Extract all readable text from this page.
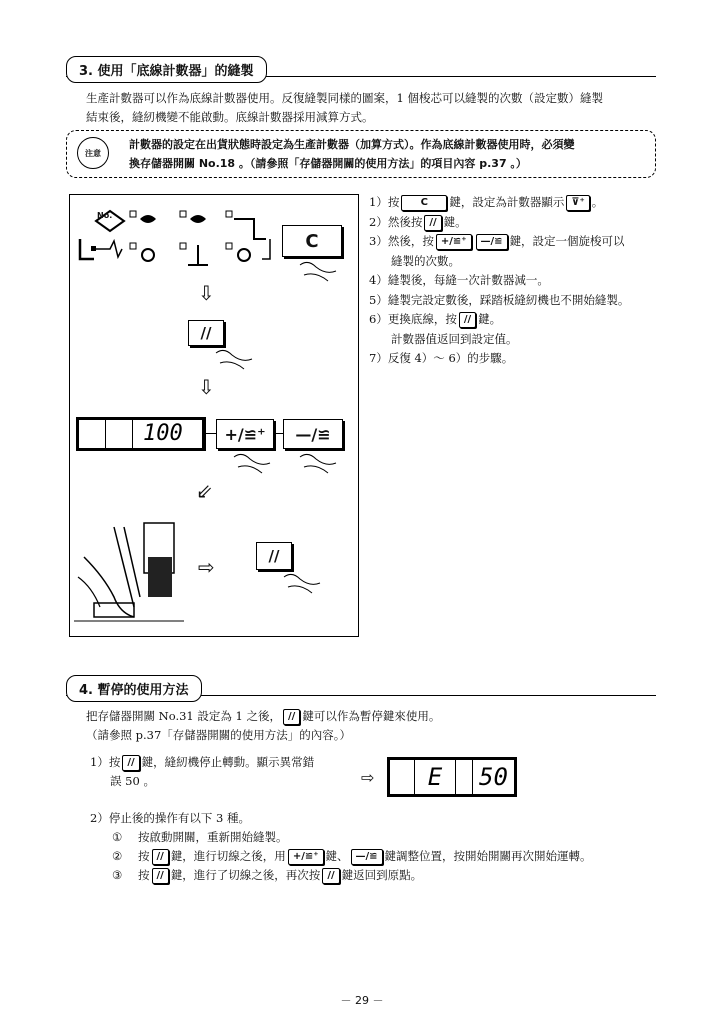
3. 使用「底線計數器」的縫製
生產計數器可以作為底線計數器使用。反復縫製同樣的圖案，1 個梭芯可以縫製的次數（設定數）縫製
結束後，縫紉機變不能啟動。底線計數器採用減算方式。
注意
計數器的設定在出貨狀態時設定為生產計數器（加算方式）。作為底線計數器使用時，必須變
換存儲器開關 No.18 。（請參照「存儲器開關的使用方法」的項目內容 p.37 。）
No.
C
⇩
//
⇩
100	+/≌⁺	—/≌
⇙
⇨	//
1）按 C 鍵，設定為計數器顯示 ⊽⁺ 。
2）然後按 // 鍵。
3）然後，按 +/≌⁺ —/≌ 鍵，設定一個旋梭可以
縫製的次數。
4）縫製後，每縫一次計數器減一。
5）縫製完設定數後，踩踏板縫紉機也不開始縫製。
6）更換底線，按 // 鍵。
計數器值返回到設定值。
7）反復 4）～ 6）的步驟。
4. 暫停的使用方法
把存儲器開關 No.31 設定為 1 之後， // 鍵可以作為暫停鍵來使用。
（請參照 p.37「存儲器開關的使用方法」的內容。）
1）按 // 鍵，縫紉機停止轉動。顯示異常錯
誤 50 。	⇨	E	50
2）停止後的操作有以下 3 種。
① 按啟動開關，重新開始縫製。
② 按 // 鍵，進行切線之後，用 +/≌⁺ 鍵、 —/≌ 鍵調整位置，按開始開關再次開始運轉。
③ 按 // 鍵，進行了切線之後，再次按 // 鍵返回到原點。
－ 29 －
